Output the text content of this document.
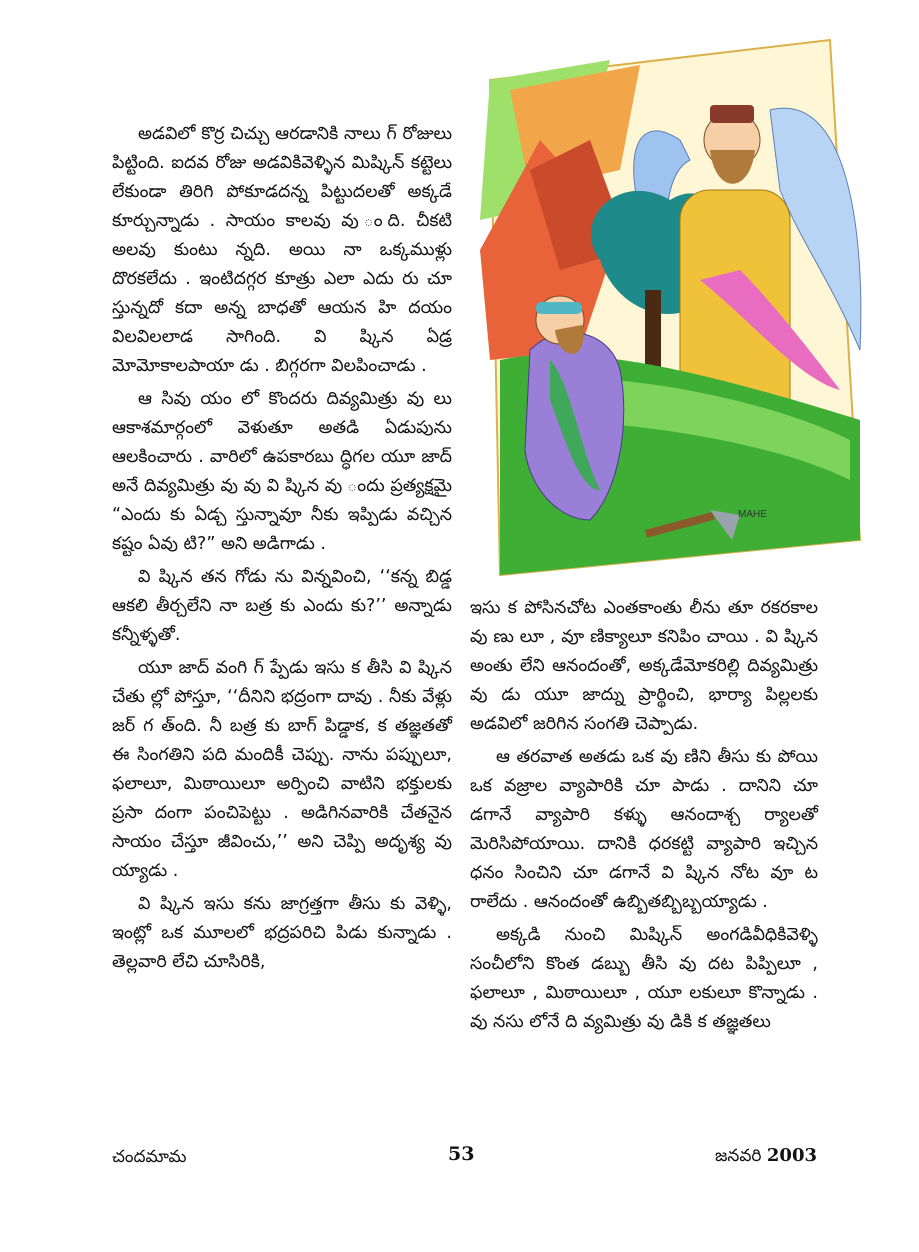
అడవిలో కొర్ర చిచ్చు ఆరడానికి నాలు గ్ రోజులు పిట్టింది. ఐదవ రోజు అడవికివెళ్ళిన మిష్కిన్ కట్టెలు లేకుండా తిరిగి పోకూడదన్న పిట్టుదలతో అక్కడే కూర్చున్నాడు . సాయం కాలవు వు ంది. చీకటి అలవు కుంటు న్నది. అయి నా ఒక్కముళ్లు దొరకలేదు . ఇంటిదగ్గర కూత్రు ఎలా ఎదు రు చూ స్తున్నదో కదా అన్న బాధతో ఆయన హి దయం విలవిలలాడ సాగింది. వి ష్కిన ఏడ్ర మోమోకాలపాయా డు . బిగ్గరగా విలపించాడు .

ఆ సివు యం లో కొందరు దివ్యమిత్రు వు లు ఆకాశమార్గంలో వెళుతూ అతడి ఏడుపును ఆలకించారు . వారిలో ఉపకారబు ద్ధిగల యూ జాద్ అనే దివ్యమిత్రు వు వు వి ష్కిన వు ందు ప్రత్యక్షమై “ఎందు కు ఏడ్చ స్తున్నావూ నీకు ఇప్పిడు వచ్చిన కష్టం ఏవు టి?” అని అడిగాడు .

వి ష్కిన తన గోడు ను విన్నవించి, ‘‘కన్న బిడ్డ ఆకలి తీర్చలేని నా బత్ర కు ఎందు కు?’’ అన్నాడు కన్నీళ్ళతో.

యూ జాద్ వంగి గ్ ప్పేడు ఇసు క తీసి వి ష్కిన చేతు ల్లో పోస్తూ, ‘‘దీనిని భద్రంగా దావు . నీకు వేళ్లు జర్ గ త్ంది. నీ బత్ర కు బాగ్ పిడ్డాక, క తజ్ఞతతో ఈ సింగతిని పది మందికీ చెప్పు. నాను పప్పులూ, ఫలాలూ, మిఠాయిలూ అర్పించి వాటిని భక్తులకు ప్రసా దంగా పంచిపెట్టు . అడిగినవారికి చేతనైన సాయం చేస్తూ జీవించు,’’ అని చెప్పి అదృశ్య వు య్యాడు .

వి ష్కిన ఇసు కను జాగ్రత్తగా తీసు కు వెళ్ళి, ఇంట్లో ఒక మూలలో భద్రపరిచి పిడు కున్నాడు . తెల్లవారి లేచి చూసిరికి,

MAHE

ఇసు క పోసినచోట ఎంతకాంతు లీను తూ రకరకాల వు ణు లూ , వూ ణిక్యాలూ కనిపిం చాయి . వి ష్కిన అంతు లేని ఆనందంతో, అక్కడేమోకరిల్లి దివ్యమిత్రు వు డు యూ జాద్ను ప్రార్థించి, భార్యా పిల్లలకు అడవిలో జరిగిన సంగతి చెప్పాడు.

ఆ తరవాత అతడు ఒక వు ణిని తీసు కు పోయి ఒక వజ్రాల వ్యాపారికి చూ పాడు . దానిని చూ డగానే వ్యాపారి కళ్ళు ఆనందాశ్చ ర్యాలతో మెరిసిపోయాయి. దానికి ధరకట్టి వ్యాపారి ఇచ్చిన ధనం సించిని చూ డగానే వి ష్కిన నోట వూ ట రాలేదు . ఆనందంతో ఉబ్బితబ్బిబ్బయ్యాడు .

అక్కడి నుంచి మిష్కిన్ అంగడివీధికివెళ్ళి సంచీలోని కొంత డబ్బు తీసి వు దట పిప్పిలూ , ఫలాలూ , మిఠాయిలూ , యూ లకులూ కొన్నాడు . వు నసు లోనే ది వ్యమిత్రు వు డికి క తజ్ఞతలు

చందమామ	53	జనవరి 2003
